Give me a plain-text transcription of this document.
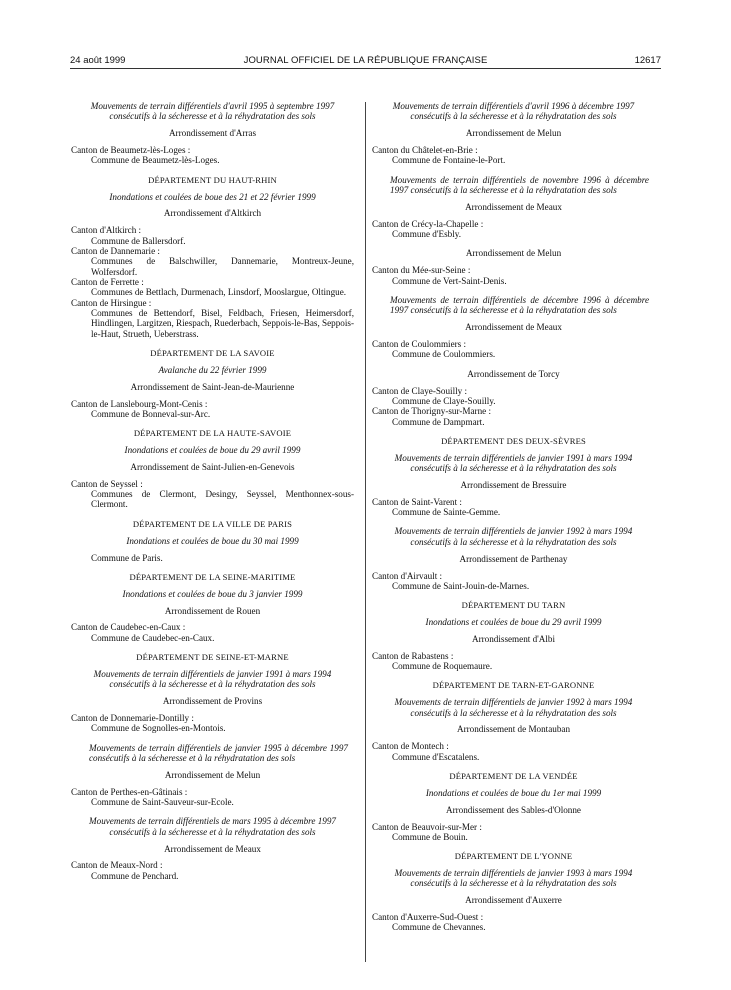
24 août 1999	JOURNAL OFFICIEL DE LA RÉPUBLIQUE FRANÇAISE	12617
Mouvements de terrain différentiels d'avril 1995 à septembre 1997 consécutifs à la sécheresse et à la réhydratation des sols
Arrondissement d'Arras
Canton de Beaumetz-lès-Loges :
Commune de Beaumetz-lès-Loges.
DÉPARTEMENT DU HAUT-RHIN
Inondations et coulées de boue des 21 et 22 février 1999
Arrondissement d'Altkirch
Canton d'Altkirch :
Commune de Ballersdorf.
Canton de Dannemarie :
Communes de Balschwiller, Dannemarie, Montreux-Jeune, Wolfersdorf.
Canton de Ferrette :
Communes de Bettlach, Durmenach, Linsdorf, Mooslargue, Oltingue.
Canton de Hirsingue :
Communes de Bettendorf, Bisel, Feldbach, Friesen, Heimersdorf, Hindlingen, Largitzen, Riespach, Ruederbach, Seppois-le-Bas, Seppois-le-Haut, Strueth, Ueberstrass.
DÉPARTEMENT DE LA SAVOIE
Avalanche du 22 février 1999
Arrondissement de Saint-Jean-de-Maurienne
Canton de Lanslebourg-Mont-Cenis :
Commune de Bonneval-sur-Arc.
DÉPARTEMENT DE LA HAUTE-SAVOIE
Inondations et coulées de boue du 29 avril 1999
Arrondissement de Saint-Julien-en-Genevois
Canton de Seyssel :
Communes de Clermont, Desingy, Seyssel, Menthonnex-sous-Clermont.
DÉPARTEMENT DE LA VILLE DE PARIS
Inondations et coulées de boue du 30 mai 1999
Commune de Paris.
DÉPARTEMENT DE LA SEINE-MARITIME
Inondations et coulées de boue du 3 janvier 1999
Arrondissement de Rouen
Canton de Caudebec-en-Caux :
Commune de Caudebec-en-Caux.
DÉPARTEMENT DE SEINE-ET-MARNE
Mouvements de terrain différentiels de janvier 1991 à mars 1994 consécutifs à la sécheresse et à la réhydratation des sols
Arrondissement de Provins
Canton de Donnemarie-Dontilly :
Commune de Sognolles-en-Montois.
Mouvements de terrain différentiels de janvier 1995 à décembre 1997 consécutifs à la sécheresse et à la réhydratation des sols
Arrondissement de Melun
Canton de Perthes-en-Gâtinais :
Commune de Saint-Sauveur-sur-Ecole.
Mouvements de terrain différentiels de mars 1995 à décembre 1997 consécutifs à la sécheresse et à la réhydratation des sols
Arrondissement de Meaux
Canton de Meaux-Nord :
Commune de Penchard.
Mouvements de terrain différentiels d'avril 1996 à décembre 1997 consécutifs à la sécheresse et à la réhydratation des sols
Arrondissement de Melun
Canton du Châtelet-en-Brie :
Commune de Fontaine-le-Port.
Mouvements de terrain différentiels de novembre 1996 à décembre 1997 consécutifs à la sécheresse et à la réhydratation des sols
Arrondissement de Meaux
Canton de Crécy-la-Chapelle :
Commune d'Esbly.
Arrondissement de Melun
Canton du Mée-sur-Seine :
Commune de Vert-Saint-Denis.
Mouvements de terrain différentiels de décembre 1996 à décembre 1997 consécutifs à la sécheresse et à la réhydratation des sols
Arrondissement de Meaux
Canton de Coulommiers :
Commune de Coulommiers.
Arrondissement de Torcy
Canton de Claye-Souilly :
Commune de Claye-Souilly.
Canton de Thorigny-sur-Marne :
Commune de Dampmart.
DÉPARTEMENT DES DEUX-SÈVRES
Mouvements de terrain différentiels de janvier 1991 à mars 1994 consécutifs à la sécheresse et à la réhydratation des sols
Arrondissement de Bressuire
Canton de Saint-Varent :
Commune de Sainte-Gemme.
Mouvements de terrain différentiels de janvier 1992 à mars 1994 consécutifs à la sécheresse et à la réhydratation des sols
Arrondissement de Parthenay
Canton d'Airvault :
Commune de Saint-Jouin-de-Marnes.
DÉPARTEMENT DU TARN
Inondations et coulées de boue du 29 avril 1999
Arrondissement d'Albi
Canton de Rabastens :
Commune de Roquemaure.
DÉPARTEMENT DE TARN-ET-GARONNE
Mouvements de terrain différentiels de janvier 1992 à mars 1994 consécutifs à la sécheresse et à la réhydratation des sols
Arrondissement de Montauban
Canton de Montech :
Commune d'Escatalens.
DÉPARTEMENT DE LA VENDÉE
Inondations et coulées de boue du 1er mai 1999
Arrondissement des Sables-d'Olonne
Canton de Beauvoir-sur-Mer :
Commune de Bouin.
DÉPARTEMENT DE L'YONNE
Mouvements de terrain différentiels de janvier 1993 à mars 1994 consécutifs à la sécheresse et à la réhydratation des sols
Arrondissement d'Auxerre
Canton d'Auxerre-Sud-Ouest :
Commune de Chevannes.
